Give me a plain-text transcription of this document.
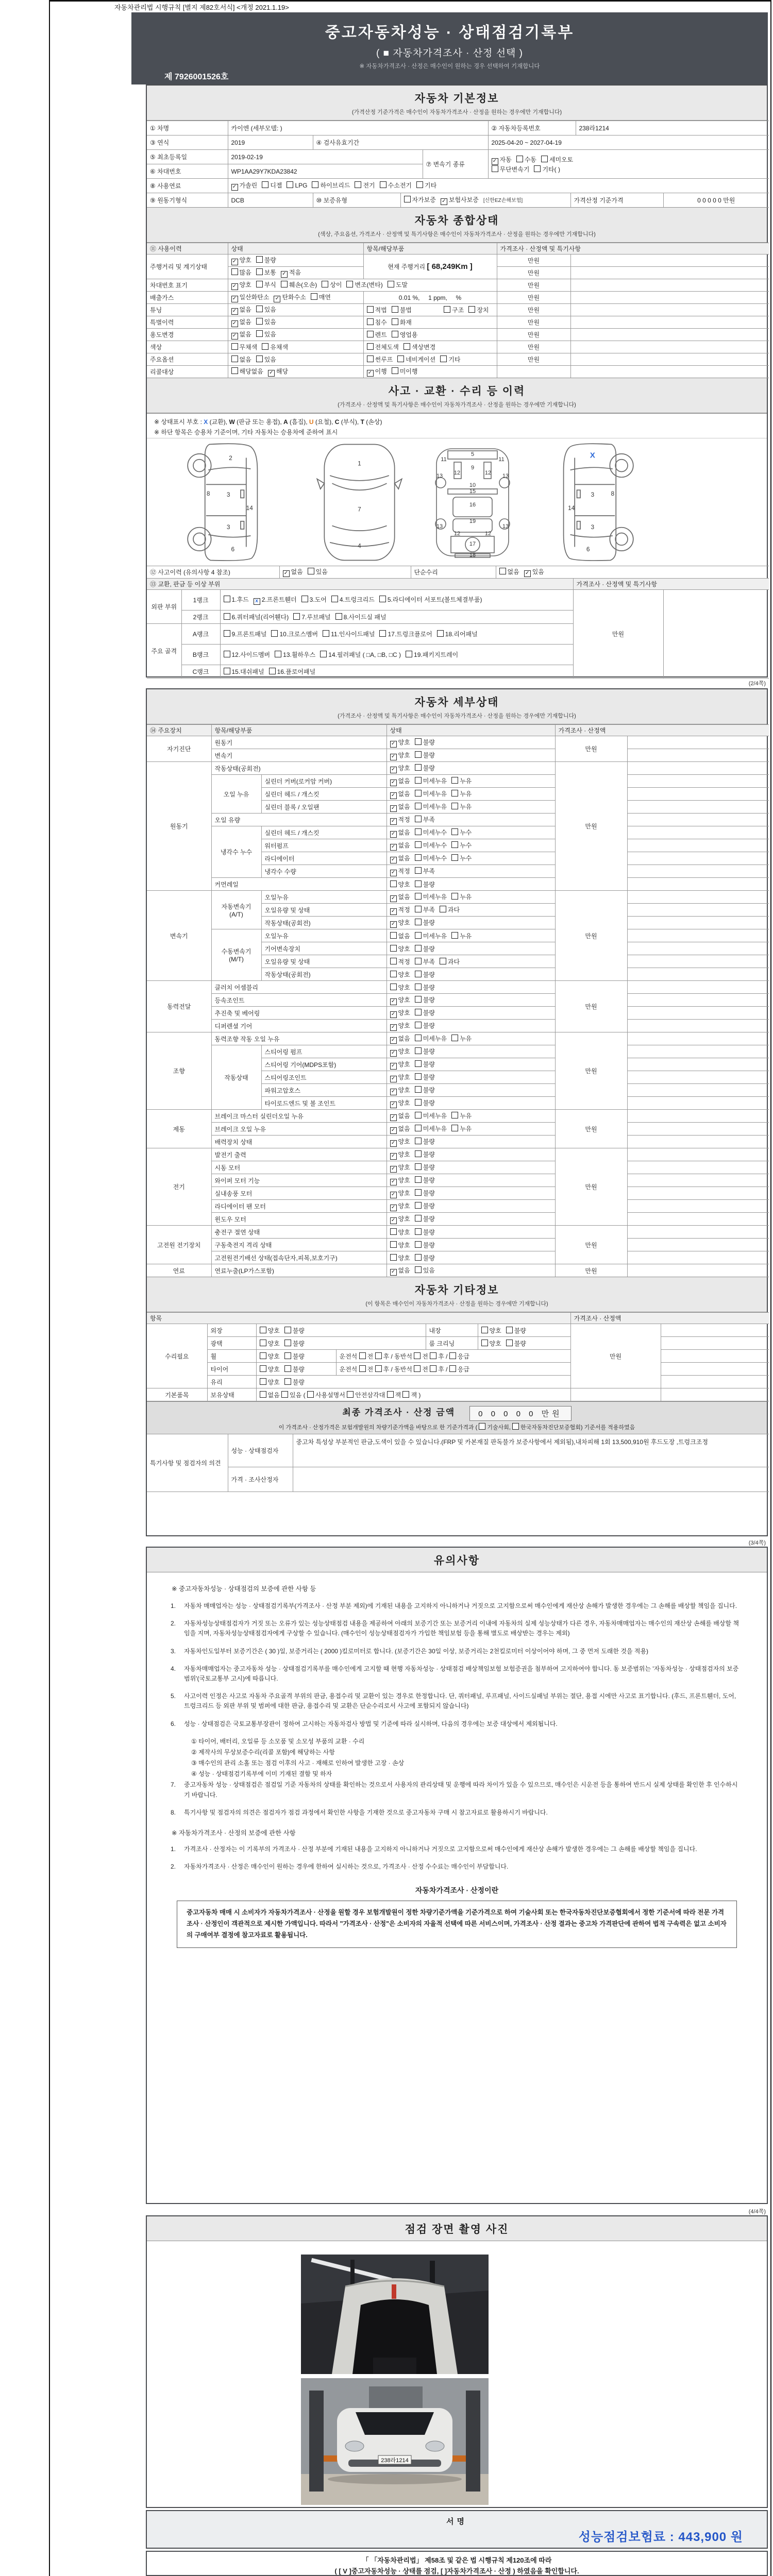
자동차관리법 시행규칙 [별지 제82호서식] <개정 2021.1.19>
중고자동차성능 · 상태점검기록부
( ■ 자동차가격조사 · 산정 선택 )
※ 자동차가격조사 · 산정은 매수인이 원하는 경우 선택하여 기재합니다
제 7926001526호
자동차 기본정보
(가격산정 기준가격은 매수인이 자동차가격조사 · 산정을 원하는 경우에만 기재합니다)
① 차명	카이엔 (세부모델: )	② 자동차등록번호	238라1214
③ 연식	2019	④ 검사유효기간	2025-04-20 ~ 2027-04-19
⑤ 최초등록일	2019-02-19	⑦ 변속기 종류	✓ 자동 수동 세미오토
무단변속기 기타( )
⑥ 차대번호	WP1AA29Y7KDA23842		
⑧ 사용연료	✓ 가솔린 디젤 LPG 하이브리드 전기 수소전기 기타
⑨ 원동기형식	DCB	⑩ 보증유형	자가보증 ✓ 보험사보증 [신한EZ손해보험]	가격산정 기준가격	0 0 0 0 0 만원
자동차 종합상태
(색상, 주요옵션, 가격조사 · 산정액 및 특기사항은 매수인이 자동차가격조사 · 산정을 원하는 경우에만 기재합니다)
⑪ 사용이력	상태	항목/해당부품	가격조사 · 산정액 및 특기사항	
주행거리 및 계기상태	✓ 양호 불량	현재 주행거리 [ 68,249Km ]	만원	
	많음 보통 ✓ 적음		만원	
차대번호 표기	✓ 양호 부식 훼손(오손) 상이 변조(변타) 도말		만원	
배출가스	✓ 일산화탄소 ✓ 탄화수소 매연	0.01 %,     1 ppm,     %	만원	
튜닝	✓ 없음 있음	적법 불법 구조 장치	만원	
특별이력	✓ 없음 있음	침수 화재	만원	
용도변경	✓ 없음 있음	렌트 영업용	만원	
색상	무채색 유채색	전체도색 색상변경	만원	
주요옵션	없음 있음	썬루프 네비게이션 기타	만원	
리콜대상	해당없음 ✓ 해당	✓ 이행 미이행		
사고 · 교환 · 수리 등 이력
(가격조사 · 산정액 및 특기사항은 매수인이 자동차가격조사 · 산정을 원하는 경우에만 기재합니다)
※ 상태표시 부호 : X (교환), W (판금 또는 용접), A (흠집), U (요철), C (부식), T (손상)
※ 하단 항목은 승용차 기준이며, 기타 자동차는 승용차에 준하여 표시
2
8	3
14
3
6
1
7
4
5
11	11
9
13 12	12 13
10
15
16
19
13	13
12	12
17
18
X
3	8
14
3
6
⑫ 사고이력 (유의사항 4 참조)	✓ 없음 있음	단순수리	없음 ✓ 있음
⑬ 교환, 판금 등 이상 부위			가격조사 · 산정액 및 특기사항	
외판 부위	1랭크	1.후드 x 2.프론트휀더 3.도어 4.트렁크리드 5.라디에이터 서포트(볼트체결부품)	만원	
	2랭크	6.쿼터패널(리어휀다) 7.루브패널 8.사이드실 패널		
주요 골격	A랭크	9.프론트패널 10.크로스멤버 11.인사이드패널 17.트렁크플로어 18.리어패널		
	B랭크	12.사이드멤버 13.휠하우스 14.필러패널 ( □A, □B, □C ) 19.패키지트레이		
	C랭크	15.대쉬패널 16.플로어패널		
(2/4쪽)
자동차 세부상태
(가격조사 · 산정액 및 특기사항은 매수인이 자동차가격조사 · 산정을 원하는 경우에만 기재합니다)
⑭ 주요장치	항목/해당부품		상태	가격조사 · 산정액	
자기진단	원동기		✓ 양호 불량	만원	
	변속기		✓ 양호 불량		
원동기	작동상태(공회전)		✓ 양호 불량	만원	
	오일 누유	실린더 커버(로커암 커버)	✓ 없음 미세누유 누유		
		실린더 헤드 / 개스킷	✓ 없음 미세누유 누유		
		실린더 블록 / 오일팬	✓ 없음 미세누유 누유		
	오일 유량		✓ 적정 부족		
	냉각수 누수	실린더 헤드 / 개스킷	✓ 없음 미세누수 누수		
		워터펌프	✓ 없음 미세누수 누수		
		라디에이터	✓ 없음 미세누수 누수		
		냉각수 수량	✓ 적정 부족		
	커먼레일		양호 불량		
변속기	자동변속기 (A/T)	오일누유	✓ 없음 미세누유 누유	만원	
		오일유량 및 상태	✓ 적정 부족 과다		
		작동상태(공회전)	✓ 양호 불량		
	수동변속기 (M/T)	오일누유	없음 미세누유 누유		
		기어변속장치	양호 불량		
		오일유량 및 상태	적정 부족 과다		
		작동상태(공회전)	양호 불량		
동력전달	클러치 어셈블리		양호 불량	만원	
	등속조인트		✓ 양호 불량		
	추진축 및 베어링		✓ 양호 불량		
	디퍼렌셜 기어		✓ 양호 불량		
조향	동력조향 작동 오일 누유		✓ 없음 미세누유 누유	만원	
	작동상태	스티어링 펌프	✓ 양호 불량		
		스티어링 기어(MDPS포함)	✓ 양호 불량		
		스티어링조인트	✓ 양호 불량		
		파워고압호스	✓ 양호 불량		
		타이로드엔드 및 볼 조인트	✓ 양호 불량		
제동	브레이크 마스터 실린더오일 누유		✓ 없음 미세누유 누유	만원	
	브레이크 오일 누유		✓ 없음 미세누유 누유		
	배력장치 상태		✓ 양호 불량		
전기	발전기 출력		✓ 양호 불량	만원	
	시동 모터		✓ 양호 불량		
	와이퍼 모터 기능		✓ 양호 불량		
	실내송풍 모터		✓ 양호 불량		
	라디에이터 팬 모터		✓ 양호 불량		
	윈도우 모터		✓ 양호 불량		
고전원 전기장치	충전구 절연 상태		양호 불량	만원	
	구동축전지 격리 상태		양호 불량		
	고전원전기배선 상태(접속단자,피복,보호기구)		양호 불량		
연료	연료누출(LP가스포함)		✓ 없음 있음	만원	
자동차 기타정보
(이 항목은 매수인이 자동차가격조사 · 산정을 원하는 경우에만 기재합니다)
항목						가격조사 · 산정액	
수리필요	외장	양호 불량		내장	양호 불량	만원	
	광택	양호 불량		룸 크리닝	양호 불량		
	휠	양호 불량	운전석 전 후 / 동반석 전 후 / 응급				
	타이어	양호 불량	운전석 전 후 / 동반석 전 후 / 응급				
	유리	양호 불량					
기본품목	보유상태	없음 있음 ( 사용설명서 안전삼각대 잭 잭 )					
최종 가격조사 · 산정 금액	0 0 0 0 0 만원
이 가격조사 · 산정가격은 보험개발원의 차량기준가액을 바탕으로 한 기준가격과 ( 기술사회, 한국자동차진단보증협회) 기준서를 적용하였음
특기사항 및 점검자의 의견	성능 · 상태점검자	중고차 특성상 부분적인 판금,도색이 있을 수 있습니다.(FRP 및 카본재질 판독불가 보증사항에서 제외됨),내차피해 1회 13,500,910원 후드도장 ,트렁크조정
	가격 · 조사산정자	
(3/4쪽)
유의사항
※ 중고자동차성능 · 상태점검의 보증에 관한 사항 등
1.	자동차 매매업자는 성능 · 상태점검기록부(가격조사 · 산정 부분 제외)에 기재된 내용을 고지하지 아니하거나 거짓으로 고지함으로써 매수인에게 재산상 손해가 발생한 경우에는 그 손해를 배상할 책임을 집니다.
2.	자동차성능상태점검자가 거짓 또는 오류가 있는 성능상태점검 내용을 제공하여 아래의 보증기간 또는 보증거리 이내에 자동차의 실제 성능상태가 다른 경우, 자동차매매업자는 매수인의 재산상 손해를 배상할 책임을 지며, 자동차성능상태점검자에게 구상할 수 있습니다. (매수인이 성능상태점검자가 가입한 책임보험 등을 통해 별도로 배상받는 경우는 제외)
3.	자동차인도일부터 보증기간은 ( 30 )일, 보증거리는 ( 2000 )킬로미터로 합니다. (보증기간은 30일 이상, 보증거리는 2천킬로미터 이상이어야 하며, 그 중 먼저 도래한 것을 적용)
4.	자동차매매업자는 중고자동차 성능 · 상태점검기록부를 매수인에게 고지할 때 현행 자동차성능 · 상태점검 배상책임보험 보험증권을 첨부하여 고지하여야 합니다. 동 보증범위는 '자동차성능 · 상태점검자의 보증범위'(국토교통부 고시)에 따릅니다.
5.	사고이력 인정은 사고로 자동차 주요골격 부위의 판금, 용접수리 및 교환이 있는 경우로 한정합니다. 단, 쿼터패널, 루프패널, 사이드실패널 부위는 절단, 용접 시에만 사고로 표기합니다. (후드, 프론트휀더, 도어, 트렁크리드 등 외판 부위 및 범퍼에 대한 판금, 용접수리 및 교환은 단순수리로서 사고에 포함되지 않습니다)
6.	성능 · 상태점검은 국토교통부장관이 정하여 고시하는 자동차검사 방법 및 기준에 따라 실시하며, 다음의 경우에는 보증 대상에서 제외됩니다.
① 타이어, 배터리, 오일류 등 소모품 및 소모성 부품의 교환 · 수리
② 제작사의 무상보증수리(리콜 포함)에 해당하는 사항
③ 매수인의 관리 소홀 또는 점검 이후의 사고 · 재해로 인하여 발생한 고장 · 손상
④ 성능 · 상태점검기록부에 이미 기재된 결함 및 하자
7.	중고자동차 성능 · 상태점검은 점검일 기준 자동차의 상태를 확인하는 것으로서 사용자의 관리상태 및 운행에 따라 차이가 있을 수 있으므로, 매수인은 시운전 등을 통하여 반드시 실제 상태를 확인한 후 인수하시기 바랍니다.
8.	특기사항 및 점검자의 의견은 점검자가 점검 과정에서 확인한 사항을 기재한 것으로 중고자동차 구매 시 참고자료로 활용하시기 바랍니다.
※ 자동차가격조사 · 산정의 보증에 관한 사항
1.	가격조사 · 산정자는 이 기록부의 가격조사 · 산정 부분에 기재된 내용을 고지하지 아니하거나 거짓으로 고지함으로써 매수인에게 재산상 손해가 발생한 경우에는 그 손해를 배상할 책임을 집니다.
2.	자동차가격조사 · 산정은 매수인이 원하는 경우에 한하여 실시하는 것으로, 가격조사 · 산정 수수료는 매수인이 부담합니다.
자동차가격조사 · 산정이란
중고자동차 매매 시 소비자가 자동차가격조사 · 산정을 원할 경우 보험개발원이 정한 차량기준가액을 기준가격으로 하여 기술사회 또는 한국자동차진단보증협회에서 정한 기준서에 따라 전문 가격조사 · 산정인이 객관적으로 제시한 가액입니다. 따라서 "가격조사 · 산정"은 소비자의 자율적 선택에 따른 서비스이며, 가격조사 · 산정 결과는 중고차 가격판단에 관하여 법적 구속력은 없고 소비자의 구매여부 결정에 참고자료로 활용됩니다.
(4/4쪽)
점검 장면 촬영 사진
238라1214
서명
성능점검보험료 : 443,900 원
「 「자동차관리법」 제58조 및 같은 법 시행규칙 제120조에 따라
( [ V ]중고자동차성능 · 상태를 점검, [ ]자동차가격조사 · 산정 ) 하였음을 확인합니다.
